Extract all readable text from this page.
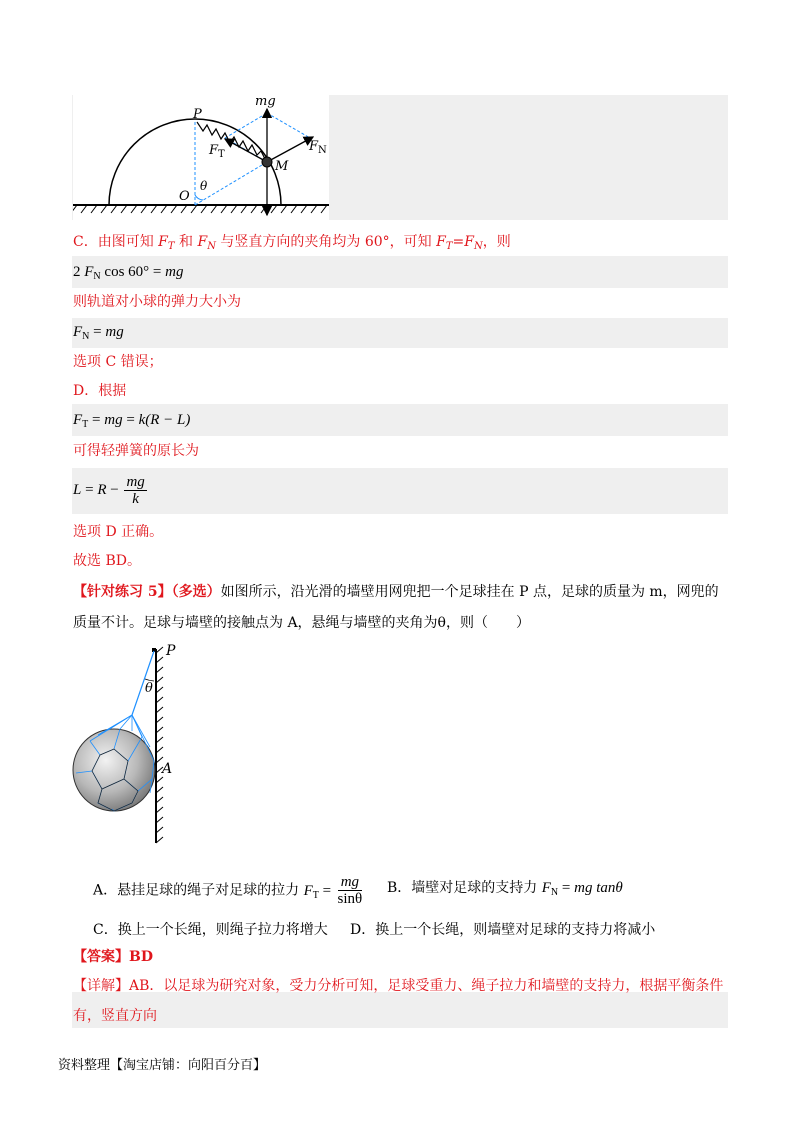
P
mg
$F_T$
$F_N$
M
O
θ
C．由图可知 $F_T$ 和 $F_N$ 与竖直方向的夹角均为 60°，可知 $F_T=F_N$，则
2 $F_N$ cos 60° = mg
则轨道对小球的弹力大小为
$F_N$ = mg
选项 C 错误；
D．根据
$F_T$ = mg = k(R − L)
可得轻弹簧的原长为
$L = R - \frac{mg}{k}$
选项 D 正确。
故选 BD。
【针对练习 5】（多选）如图所示，沿光滑的墙壁用网兜把一个足球挂在 P 点，足球的质量为 m，网兜的
质量不计。足球与墙壁的接触点为 A，悬绳与墙壁的夹角为θ，则（　　）
P
θ
A
A．悬挂足球的绳子对足球的拉力 $F_T = \frac{mg}{\sin\theta}$ B．墙壁对足球的支持力 $F_N$ = mg tanθ
C．换上一个长绳，则绳子拉力将增大 D．换上一个长绳，则墙壁对足球的支持力将减小
【答案】BD
【详解】AB．以足球为研究对象，受力分析可知，足球受重力、绳子拉力和墙壁的支持力，根据平衡条件
有，竖直方向
资料整理【淘宝店铺：向阳百分百】
